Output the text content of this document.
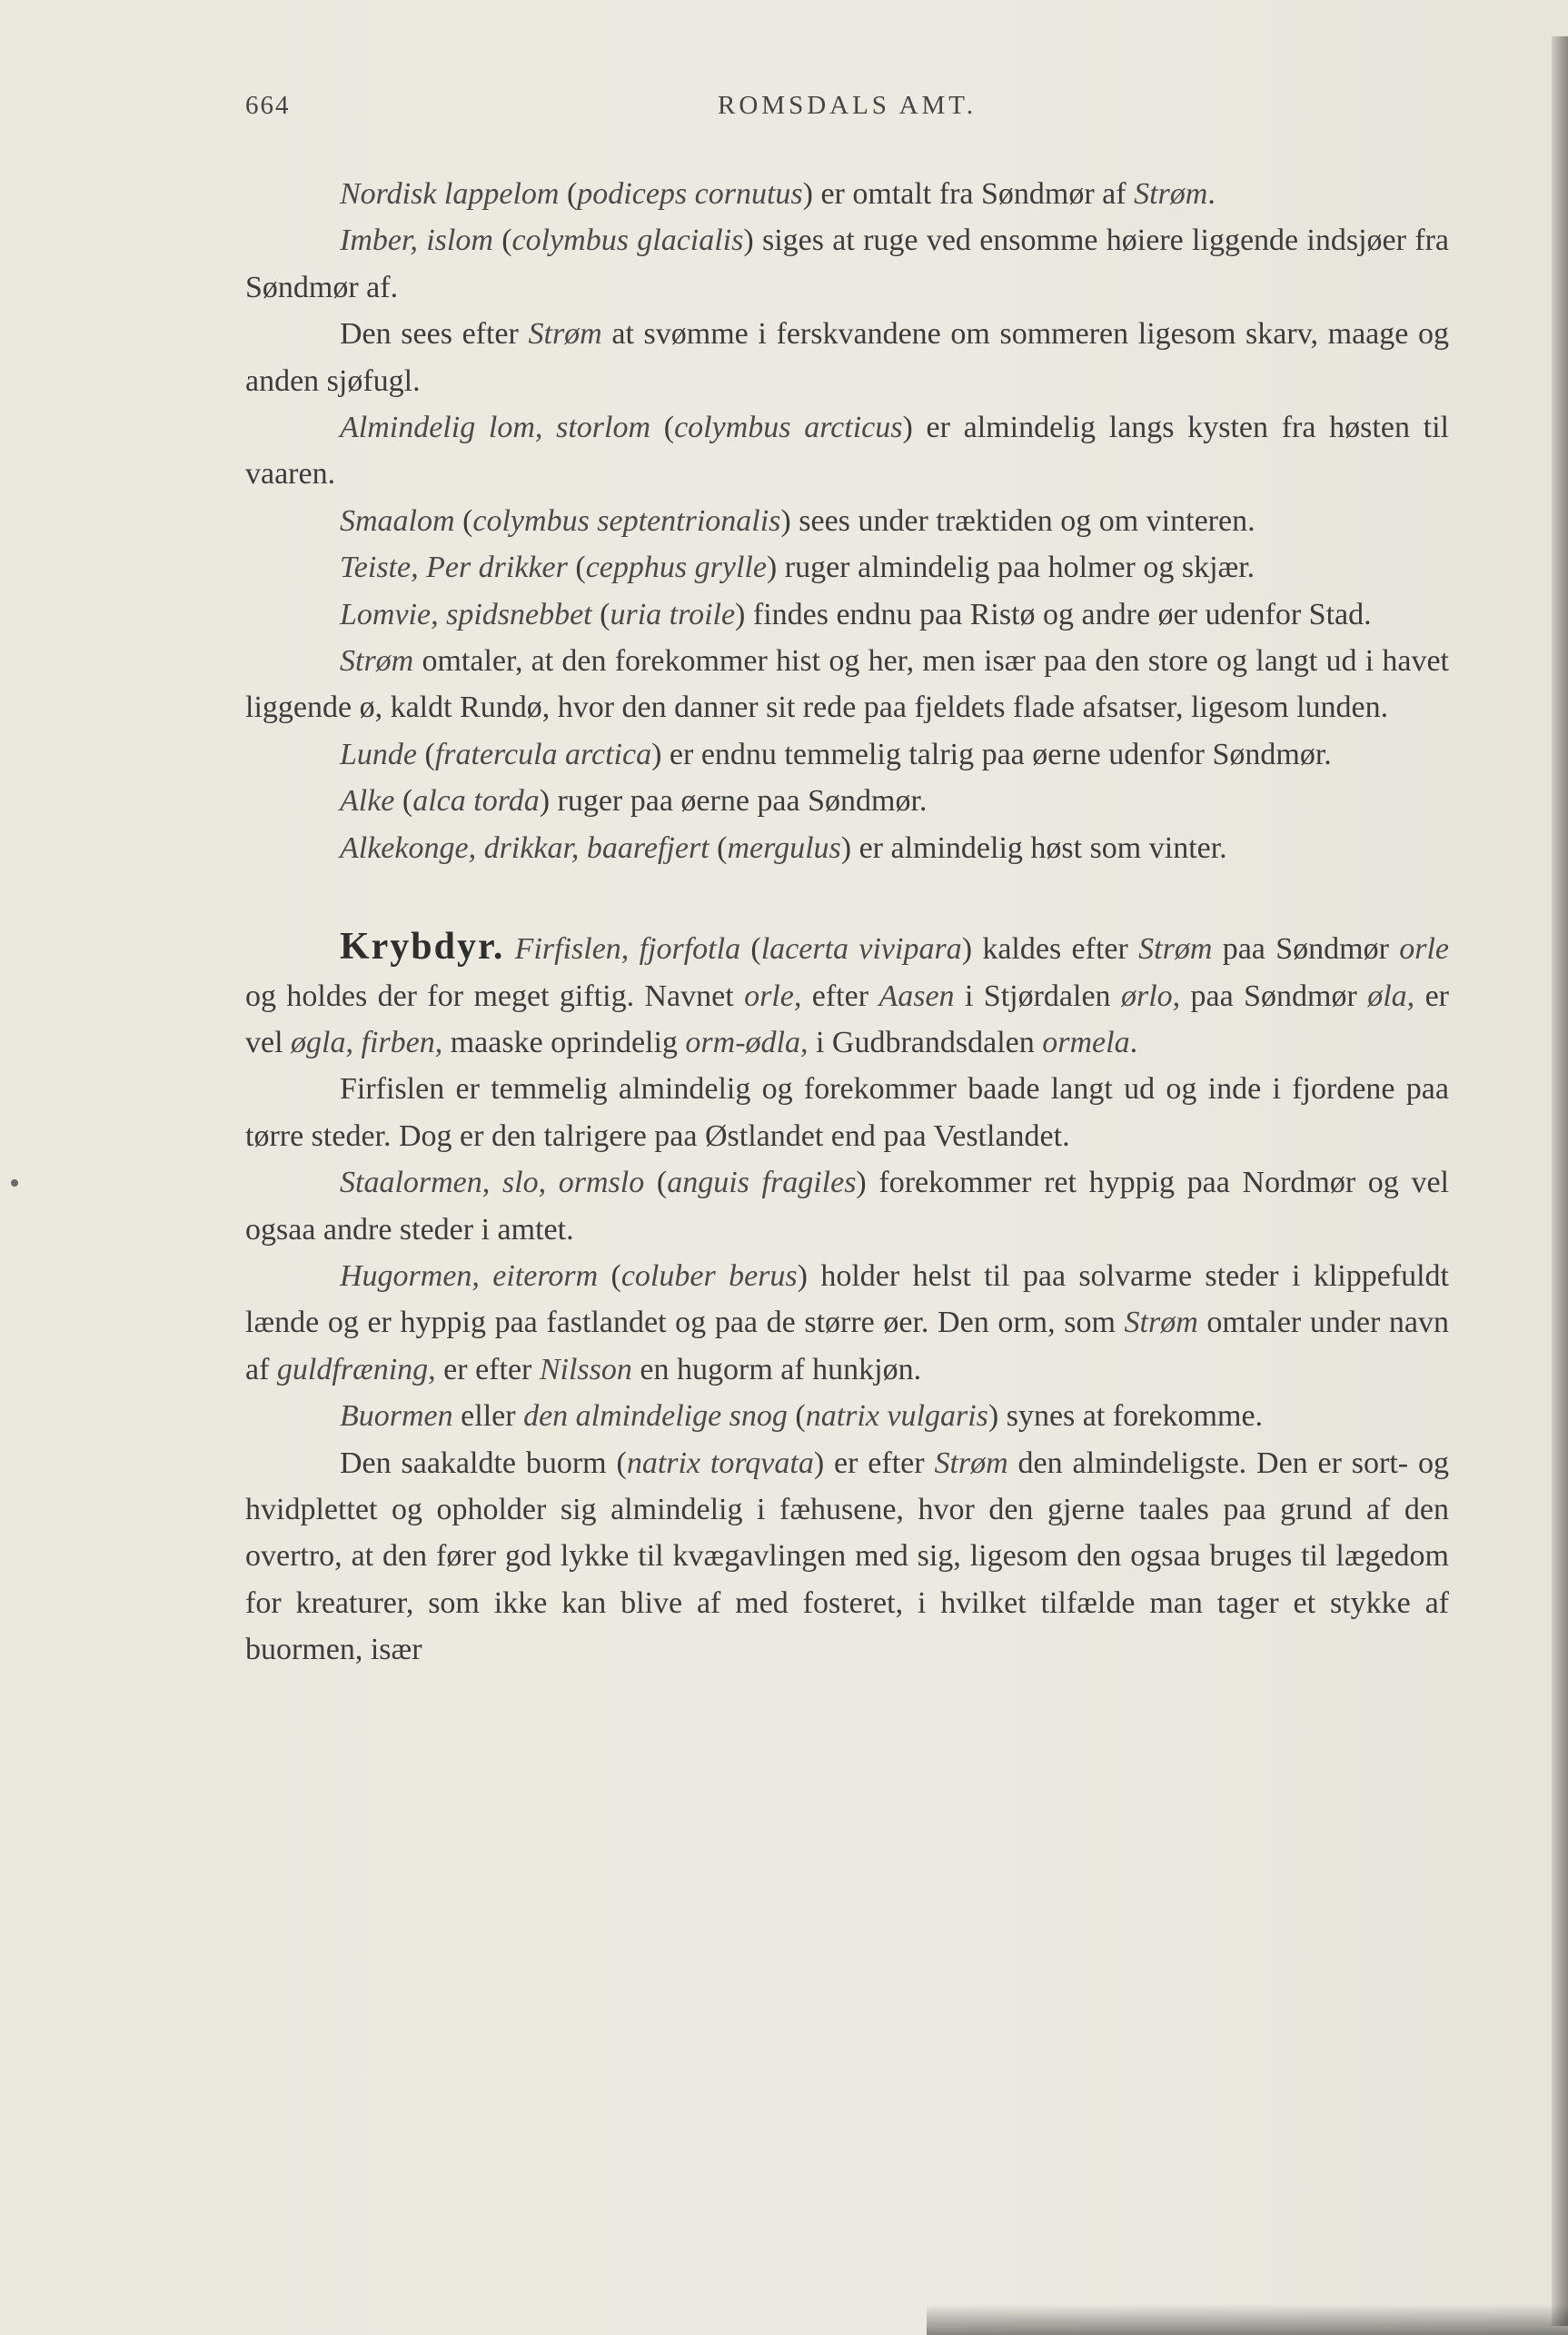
664	ROMSDALS AMT.

Nordisk lappelom (podiceps cornutus) er omtalt fra Søndmør af Strøm.

Imber, islom (colymbus glacialis) siges at ruge ved ensomme høiere liggende indsjøer fra Søndmør af.

Den sees efter Strøm at svømme i ferskvandene om sommeren ligesom skarv, maage og anden sjøfugl.

Almindelig lom, storlom (colymbus arcticus) er almindelig langs kysten fra høsten til vaaren.

Smaalom (colymbus septentrionalis) sees under træktiden og om vinteren.

Teiste, Per drikker (cepphus grylle) ruger almindelig paa holmer og skjær.

Lomvie, spidsnebbet (uria troile) findes endnu paa Ristø og andre øer udenfor Stad.

Strøm omtaler, at den forekommer hist og her, men især paa den store og langt ud i havet liggende ø, kaldt Rundø, hvor den danner sit rede paa fjeldets flade afsatser, ligesom lunden.

Lunde (fratercula arctica) er endnu temmelig talrig paa øerne udenfor Søndmør.

Alke (alca torda) ruger paa øerne paa Søndmør.

Alkekonge, drikkar, baarefjert (mergulus) er almindelig høst som vinter.

Krybdyr. Firfislen, fjorfotla (lacerta vivipara) kaldes efter Strøm paa Søndmør orle og holdes der for meget giftig. Navnet orle, efter Aasen i Stjørdalen ørlo, paa Søndmør øla, er vel øgla, firben, maaske oprindelig orm-ødla, i Gudbrandsdalen ormela.

Firfislen er temmelig almindelig og forekommer baade langt ud og inde i fjordene paa tørre steder. Dog er den talrigere paa Østlandet end paa Vestlandet.

Staalormen, slo, ormslo (anguis fragiles) forekommer ret hyppig paa Nordmør og vel ogsaa andre steder i amtet.

Hugormen, eiterorm (coluber berus) holder helst til paa solvarme steder i klippefuldt lænde og er hyppig paa fastlandet og paa de større øer. Den orm, som Strøm omtaler under navn af guldfræning, er efter Nilsson en hugorm af hunkjøn.

Buormen eller den almindelige snog (natrix vulgaris) synes at forekomme.

Den saakaldte buorm (natrix torqvata) er efter Strøm den almindeligste. Den er sort- og hvidplettet og opholder sig almindelig i fæhusene, hvor den gjerne taales paa grund af den overtro, at den fører god lykke til kvægavlingen med sig, ligesom den ogsaa bruges til lægedom for kreaturer, som ikke kan blive af med fosteret, i hvilket tilfælde man tager et stykke af buormen, især
